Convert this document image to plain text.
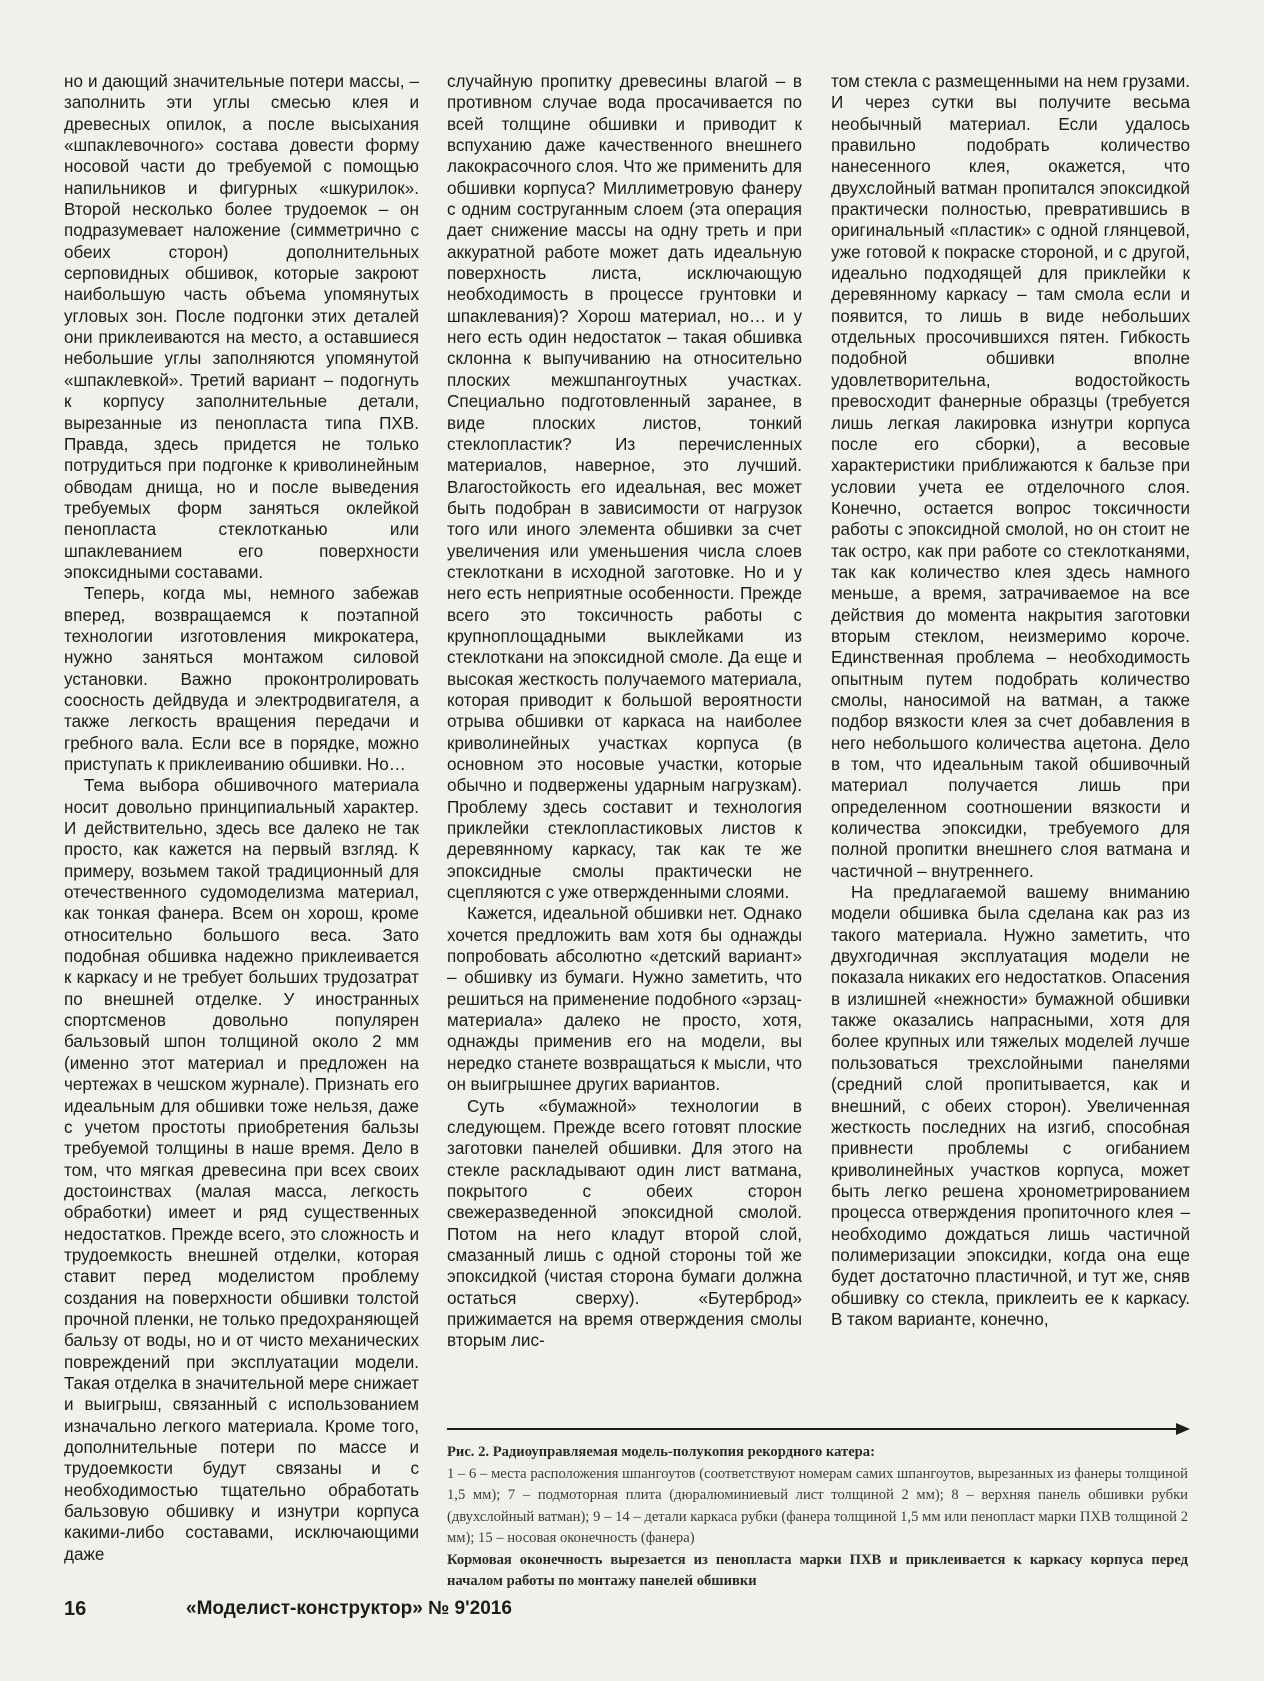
но и дающий значительные потери массы, – заполнить эти углы смесью клея и древесных опилок, а после высыхания «шпаклевочного» состава довести форму носовой части до требуемой с помощью напильников и фигурных «шкурилок». Второй несколько более трудоемок – он подразумевает наложение (симметрично с обеих сторон) дополнительных серповидных обшивок, которые закроют наибольшую часть объема упомянутых угловых зон. После подгонки этих деталей они приклеиваются на место, а оставшиеся небольшие углы заполняются упомянутой «шпаклевкой». Третий вариант – подогнуть к корпусу заполнительные детали, вырезанные из пенопласта типа ПХВ. Правда, здесь придется не только потрудиться при подгонке к криволинейным обводам днища, но и после выведения требуемых форм заняться оклейкой пенопласта стеклотканью или шпаклеванием его поверхности эпоксидными составами.

Теперь, когда мы, немного забежав вперед, возвращаемся к поэтапной технологии изготовления микрокатера, нужно заняться монтажом силовой установки. Важно проконтролировать соосность дейдвуда и электродвигателя, а также легкость вращения передачи и гребного вала. Если все в порядке, можно приступать к приклеиванию обшивки. Но…

Тема выбора обшивочного материала носит довольно принципиальный характер. И действительно, здесь все далеко не так просто, как кажется на первый взгляд. К примеру, возьмем такой традиционный для отечественного судомоделизма материал, как тонкая фанера. Всем он хорош, кроме относительно большого веса. Зато подобная обшивка надежно приклеивается к каркасу и не требует больших трудозатрат по внешней отделке. У иностранных спортсменов довольно популярен бальзовый шпон толщиной около 2 мм (именно этот материал и предложен на чертежах в чешском журнале). Признать его идеальным для обшивки тоже нельзя, даже с учетом простоты приобретения бальзы требуемой толщины в наше время. Дело в том, что мягкая древесина при всех своих достоинствах (малая масса, легкость обработки) имеет и ряд существенных недостатков. Прежде всего, это сложность и трудоемкость внешней отделки, которая ставит перед моделистом проблему создания на поверхности обшивки толстой прочной пленки, не только предохраняющей бальзу от воды, но и от чисто механических повреждений при эксплуатации модели. Такая отделка в значительной мере снижает и выигрыш, связанный с использованием изначально легкого материала. Кроме того, дополнительные потери по массе и трудоемкости будут связаны и с необходимостью тщательно обработать бальзовую обшивку и изнутри корпуса какими-либо составами, исключающими даже

случайную пропитку древесины влагой – в противном случае вода просачивается по всей толщине обшивки и приводит к вспуханию даже качественного внешнего лакокрасочного слоя. Что же применить для обшивки корпуса? Миллиметровую фанеру с одним соструганным слоем (эта операция дает снижение массы на одну треть и при аккуратной работе может дать идеальную поверхность листа, исключающую необходимость в процессе грунтовки и шпаклевания)? Хорош материал, но… и у него есть один недостаток – такая обшивка склонна к выпучиванию на относительно плоских межшпангоутных участках. Специально подготовленный заранее, в виде плоских листов, тонкий стеклопластик? Из перечисленных материалов, наверное, это лучший. Влагостойкость его идеальная, вес может быть подобран в зависимости от нагрузок того или иного элемента обшивки за счет увеличения или уменьшения числа слоев стеклоткани в исходной заготовке. Но и у него есть неприятные особенности. Прежде всего это токсичность работы с крупноплощадными выклейками из стеклоткани на эпоксидной смоле. Да еще и высокая жесткость получаемого материала, которая приводит к большой вероятности отрыва обшивки от каркаса на наиболее криволинейных участках корпуса (в основном это носовые участки, которые обычно и подвержены ударным нагрузкам). Проблему здесь составит и технология приклейки стеклопластиковых листов к деревянному каркасу, так как те же эпоксидные смолы практически не сцепляются с уже отвержденными слоями.

Кажется, идеальной обшивки нет. Однако хочется предложить вам хотя бы однажды попробовать абсолютно «детский вариант» – обшивку из бумаги. Нужно заметить, что решиться на применение подобного «эрзац-материала» далеко не просто, хотя, однажды применив его на модели, вы нередко станете возвращаться к мысли, что он выигрышнее других вариантов.

Суть «бумажной» технологии в следующем. Прежде всего готовят плоские заготовки панелей обшивки. Для этого на стекле раскладывают один лист ватмана, покрытого с обеих сторон свежеразведенной эпоксидной смолой. Потом на него кладут второй слой, смазанный лишь с одной стороны той же эпоксидкой (чистая сторона бумаги должна остаться сверху). «Бутерброд» прижимается на время отверждения смолы вторым лис-

том стекла с размещенными на нем грузами. И через сутки вы получите весьма необычный материал. Если удалось правильно подобрать количество нанесенного клея, окажется, что двухслойный ватман пропитался эпоксидкой практически полностью, превратившись в оригинальный «пластик» с одной глянцевой, уже готовой к покраске стороной, и с другой, идеально подходящей для приклейки к деревянному каркасу – там смола если и появится, то лишь в виде небольших отдельных просочившихся пятен. Гибкость подобной обшивки вполне удовлетворительна, водостойкость превосходит фанерные образцы (требуется лишь легкая лакировка изнутри корпуса после его сборки), а весовые характеристики приближаются к бальзе при условии учета ее отделочного слоя. Конечно, остается вопрос токсичности работы с эпоксидной смолой, но он стоит не так остро, как при работе со стеклотканями, так как количество клея здесь намного меньше, а время, затрачиваемое на все действия до момента накрытия заготовки вторым стеклом, неизмеримо короче. Единственная проблема – необходимость опытным путем подобрать количество смолы, наносимой на ватман, а также подбор вязкости клея за счет добавления в него небольшого количества ацетона. Дело в том, что идеальным такой обшивочный материал получается лишь при определенном соотношении вязкости и количества эпоксидки, требуемого для полной пропитки внешнего слоя ватмана и частичной – внутреннего.

На предлагаемой вашему вниманию модели обшивка была сделана как раз из такого материала. Нужно заметить, что двухгодичная эксплуатация модели не показала никаких его недостатков. Опасения в излишней «нежности» бумажной обшивки также оказались напрасными, хотя для более крупных или тяжелых моделей лучше пользоваться трехслойными панелями (средний слой пропитывается, как и внешний, с обеих сторон). Увеличенная жесткость последних на изгиб, способная привнести проблемы с огибанием криволинейных участков корпуса, может быть легко решена хронометрированием процесса отверждения пропиточного клея – необходимо дождаться лишь частичной полимеризации эпоксидки, когда она еще будет достаточно пластичной, и тут же, сняв обшивку со стекла, приклеить ее к каркасу. В таком варианте, конечно,

Рис. 2. Радиоуправляемая модель-полукопия рекордного катера:
1 – 6 – места расположения шпангоутов (соответствуют номерам самих шпангоутов, вырезанных из фанеры толщиной 1,5 мм); 7 – подмоторная плита (дюралюминиевый лист толщиной 2 мм); 8 – верхняя панель обшивки рубки (двухслойный ватман); 9 – 14 – детали каркаса рубки (фанера толщиной 1,5 мм или пенопласт марки ПХВ толщиной 2 мм); 15 – носовая оконечность (фанера)
Кормовая оконечность вырезается из пенопласта марки ПХВ и приклеивается к каркасу корпуса перед началом работы по монтажу панелей обшивки
16	«Моделист-конструктор» № 9'2016
